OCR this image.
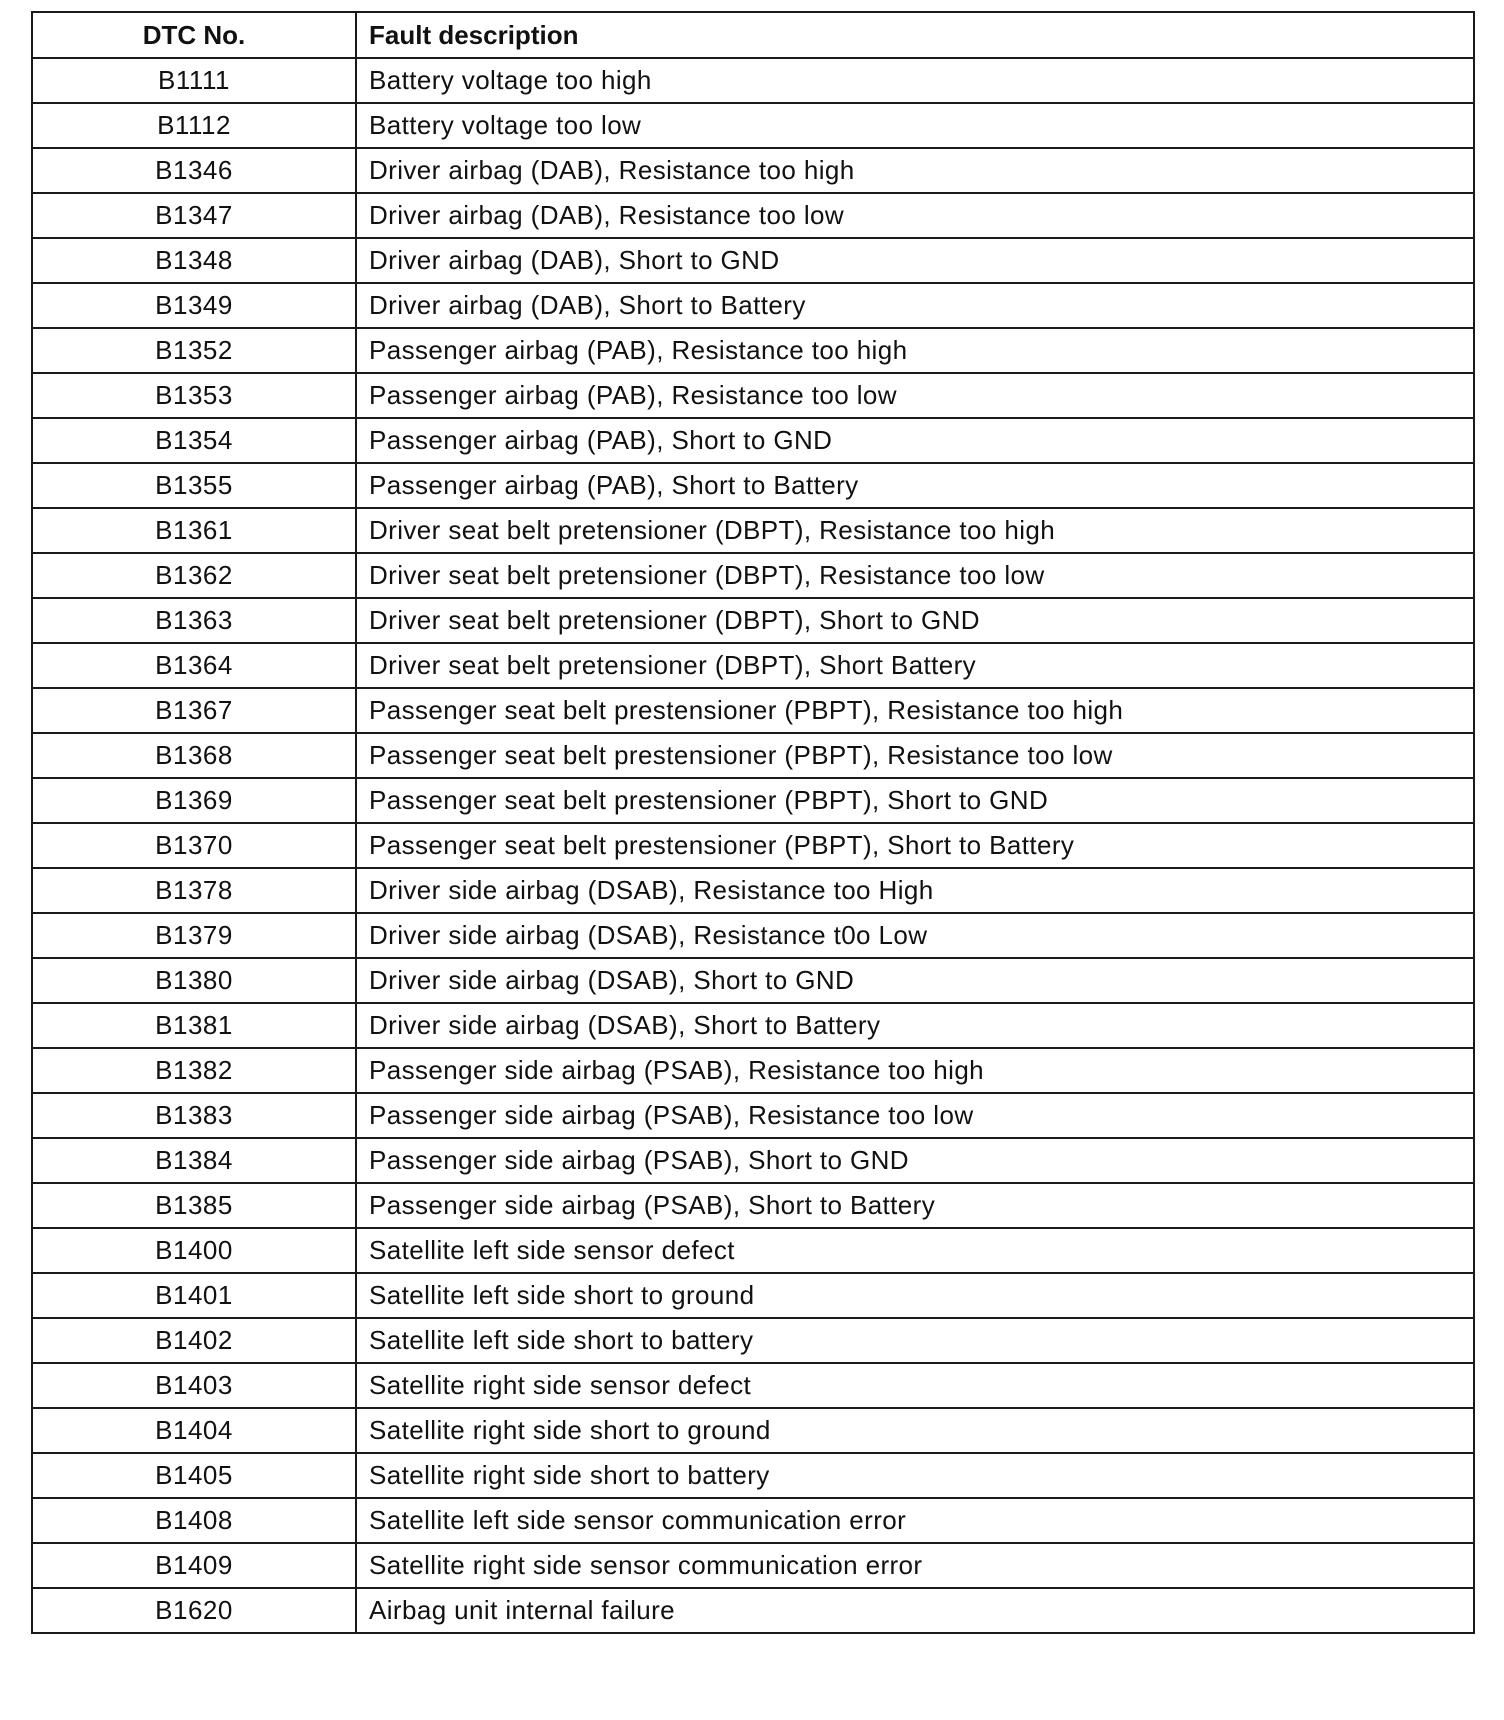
DTC No.	Fault description
B1111	Battery voltage too high
B1112	Battery voltage too low
B1346	Driver airbag (DAB), Resistance too high
B1347	Driver airbag (DAB), Resistance too low
B1348	Driver airbag (DAB), Short to GND
B1349	Driver airbag (DAB), Short to Battery
B1352	Passenger airbag (PAB), Resistance too high
B1353	Passenger airbag (PAB), Resistance too low
B1354	Passenger airbag (PAB), Short to GND
B1355	Passenger airbag (PAB), Short to Battery
B1361	Driver seat belt pretensioner (DBPT), Resistance too high
B1362	Driver seat belt pretensioner (DBPT), Resistance too low
B1363	Driver seat belt pretensioner (DBPT), Short to GND
B1364	Driver seat belt pretensioner (DBPT), Short Battery
B1367	Passenger seat belt prestensioner (PBPT), Resistance too high
B1368	Passenger seat belt prestensioner (PBPT), Resistance too low
B1369	Passenger seat belt prestensioner (PBPT), Short to GND
B1370	Passenger seat belt prestensioner (PBPT), Short to Battery
B1378	Driver side airbag (DSAB), Resistance too High
B1379	Driver side airbag (DSAB), Resistance t0o Low
B1380	Driver side airbag (DSAB), Short to GND
B1381	Driver side airbag (DSAB), Short to Battery
B1382	Passenger side airbag (PSAB), Resistance too high
B1383	Passenger side airbag (PSAB), Resistance too low
B1384	Passenger side airbag (PSAB), Short to GND
B1385	Passenger side airbag (PSAB), Short to Battery
B1400	Satellite left side sensor defect
B1401	Satellite left side short to ground
B1402	Satellite left side short to battery
B1403	Satellite right side sensor defect
B1404	Satellite right side short to ground
B1405	Satellite right side short to battery
B1408	Satellite left side sensor communication error
B1409	Satellite right side sensor communication error
B1620	Airbag unit internal failure
